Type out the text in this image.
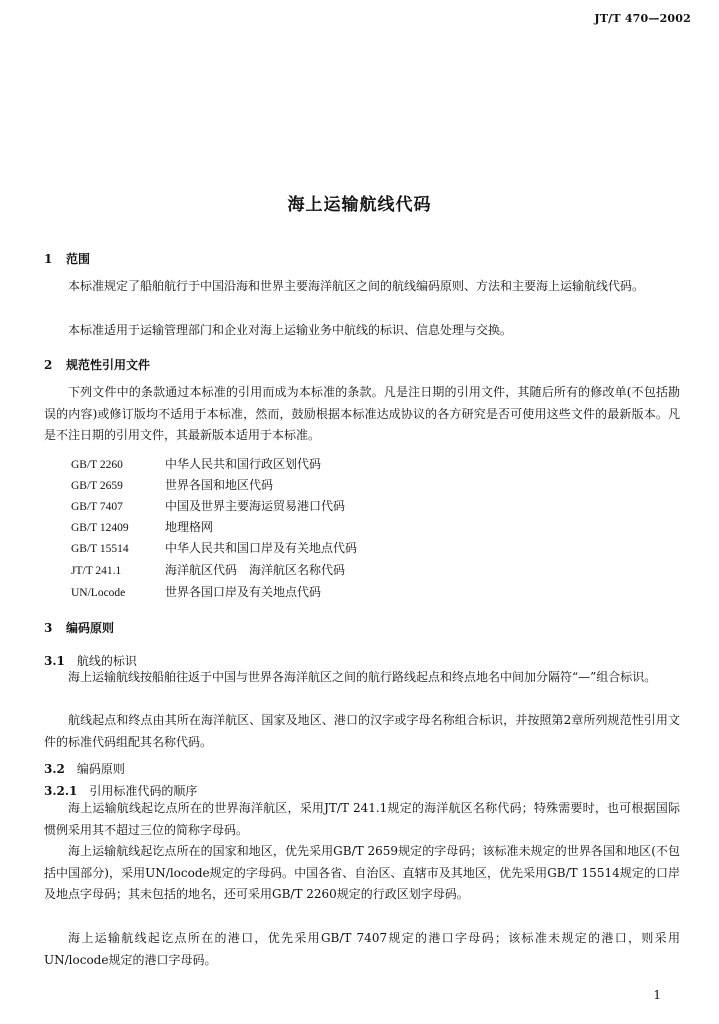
JT/T 470—2002
海上运输航线代码
1 范围
本标准规定了船舶航行于中国沿海和世界主要海洋航区之间的航线编码原则、方法和主要海上运输航线代码。
本标准适用于运输管理部门和企业对海上运输业务中航线的标识、信息处理与交换。
2 规范性引用文件
下列文件中的条款通过本标准的引用而成为本标准的条款。凡是注日期的引用文件，其随后所有的修改单(不包括勘误的内容)或修订版均不适用于本标准，然而，鼓励根据本标准达成协议的各方研究是否可使用这些文件的最新版本。凡是不注日期的引用文件，其最新版本适用于本标准。
GB/T 2260	中华人民共和国行政区划代码
GB/T 2659	世界各国和地区代码
GB/T 7407	中国及世界主要海运贸易港口代码
GB/T 12409	地理格网
GB/T 15514	中华人民共和国口岸及有关地点代码
JT/T 241.1	海洋航区代码　海洋航区名称代码
UN/Locode	世界各国口岸及有关地点代码
3 编码原则
3.1 航线的标识
海上运输航线按船舶往返于中国与世界各海洋航区之间的航行路线起点和终点地名中间加分隔符“—”组合标识。
航线起点和终点由其所在海洋航区、国家及地区、港口的汉字或字母名称组合标识，并按照第2章所列规范性引用文件的标准代码组配其名称代码。
3.2 编码原则
3.2.1 引用标准代码的顺序
海上运输航线起讫点所在的世界海洋航区，采用JT/T 241.1规定的海洋航区名称代码；特殊需要时，也可根据国际惯例采用其不超过三位的简称字母码。
海上运输航线起讫点所在的国家和地区，优先采用GB/T 2659规定的字母码；该标准未规定的世界各国和地区(不包括中国部分)，采用UN/locode规定的字母码。中国各省、自治区、直辖市及其地区，优先采用GB/T 15514规定的口岸及地点字母码；其未包括的地名，还可采用GB/T 2260规定的行政区划字母码。
海上运输航线起讫点所在的港口，优先采用GB/T 7407规定的港口字母码；该标准未规定的港口，则采用UN/locode规定的港口字母码。
1
